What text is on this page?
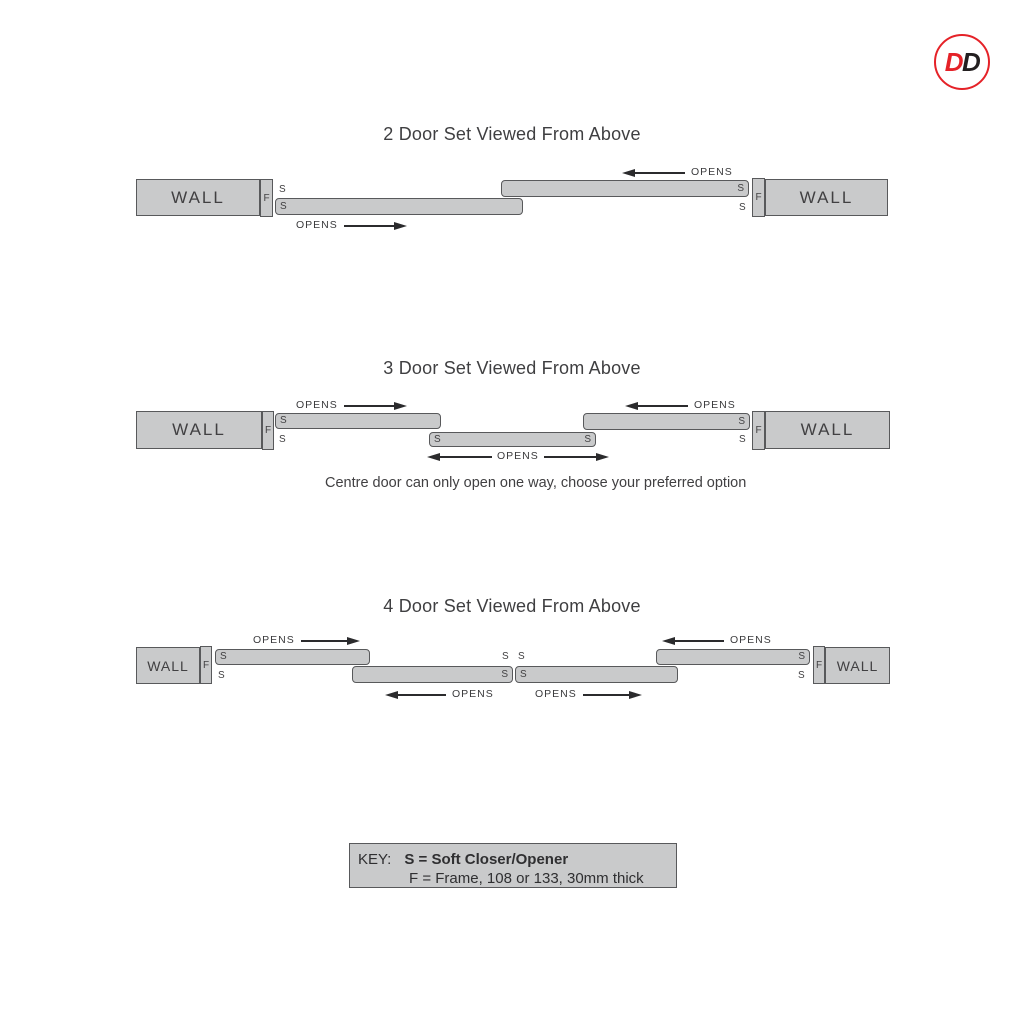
D D
2 Door Set Viewed From Above
WALL	F
S
S
OPENS
S
OPENS
S
F WALL
3 Door Set Viewed From Above
WALL	F
OPENS
S
S	S	S
OPENS
S
OPENS
S
F WALL
Centre door can only open one way, choose your preferred option
4 Door Set Viewed From Above
WALL F
OPENS
S
S	S S
S S
OPENS	OPENS
OPENS
S
S
F WALL
KEY: S = Soft Closer/Opener
F = Frame, 108 or 133, 30mm thick
